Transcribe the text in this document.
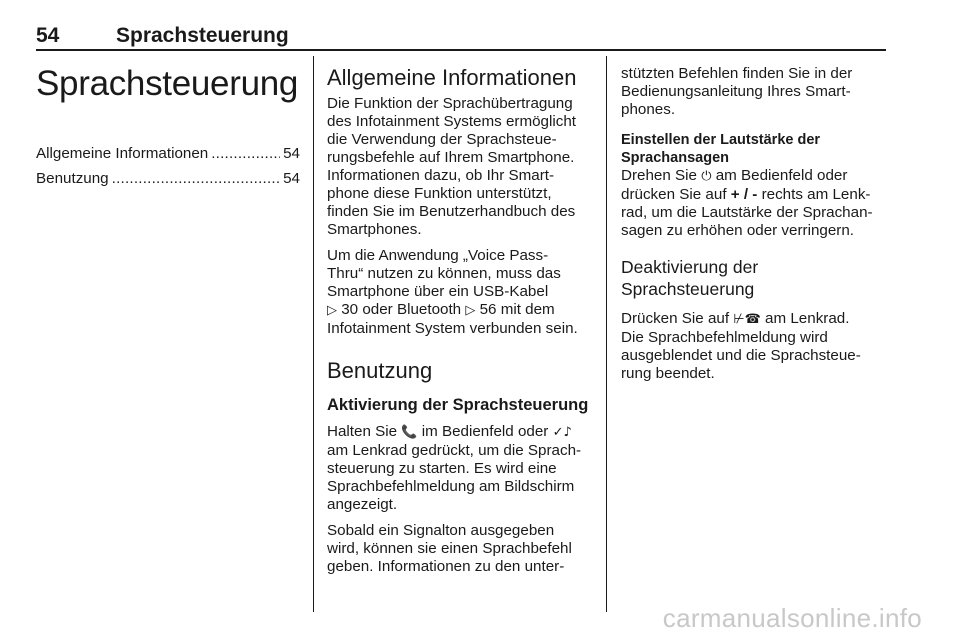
54	Sprachsteuerung
Sprachsteuerung
Allgemeine Informationen . . .	54
Benutzung . . .	54
Allgemeine Informationen

Die Funktion der Sprachübertragung
des Infotainment Systems ermöglicht
die Verwendung der Sprachsteue-
rungsbefehle auf Ihrem Smartphone.
Informationen dazu, ob Ihr Smart-
phone diese Funktion unterstützt,
finden Sie im Benutzerhandbuch des
Smartphones.

Um die Anwendung „Voice Pass-
Thru“ nutzen zu können, muss das
Smartphone über ein USB-Kabel
▷ 30 oder Bluetooth ▷ 56 mit dem
Infotainment System verbunden sein.

Benutzung
Aktivierung der Sprachsteuerung

Halten Sie 📞 im Bedienfeld oder ✓♪
am Lenkrad gedrückt, um die Sprach-
steuerung zu starten. Es wird eine
Sprachbefehlmeldung am Bildschirm
angezeigt.

Sobald ein Signalton ausgegeben
wird, können sie einen Sprachbefehl
geben. Informationen zu den unter-

stützten Befehlen finden Sie in der
Bedienungsanleitung Ihres Smart-
phones.

Einstellen der Lautstärke der
Sprachansagen

Drehen Sie ⏻ am Bedienfeld oder
drücken Sie auf + / - rechts am Lenk-
rad, um die Lautstärke der Sprachan-
sagen zu erhöhen oder verringern.

Deaktivierung der
Sprachsteuerung

Drücken Sie auf ⊬☎ am Lenkrad.
Die Sprachbefehlmeldung wird
ausgeblendet und die Sprachsteue-
rung beendet.

carmanualsonline.info
